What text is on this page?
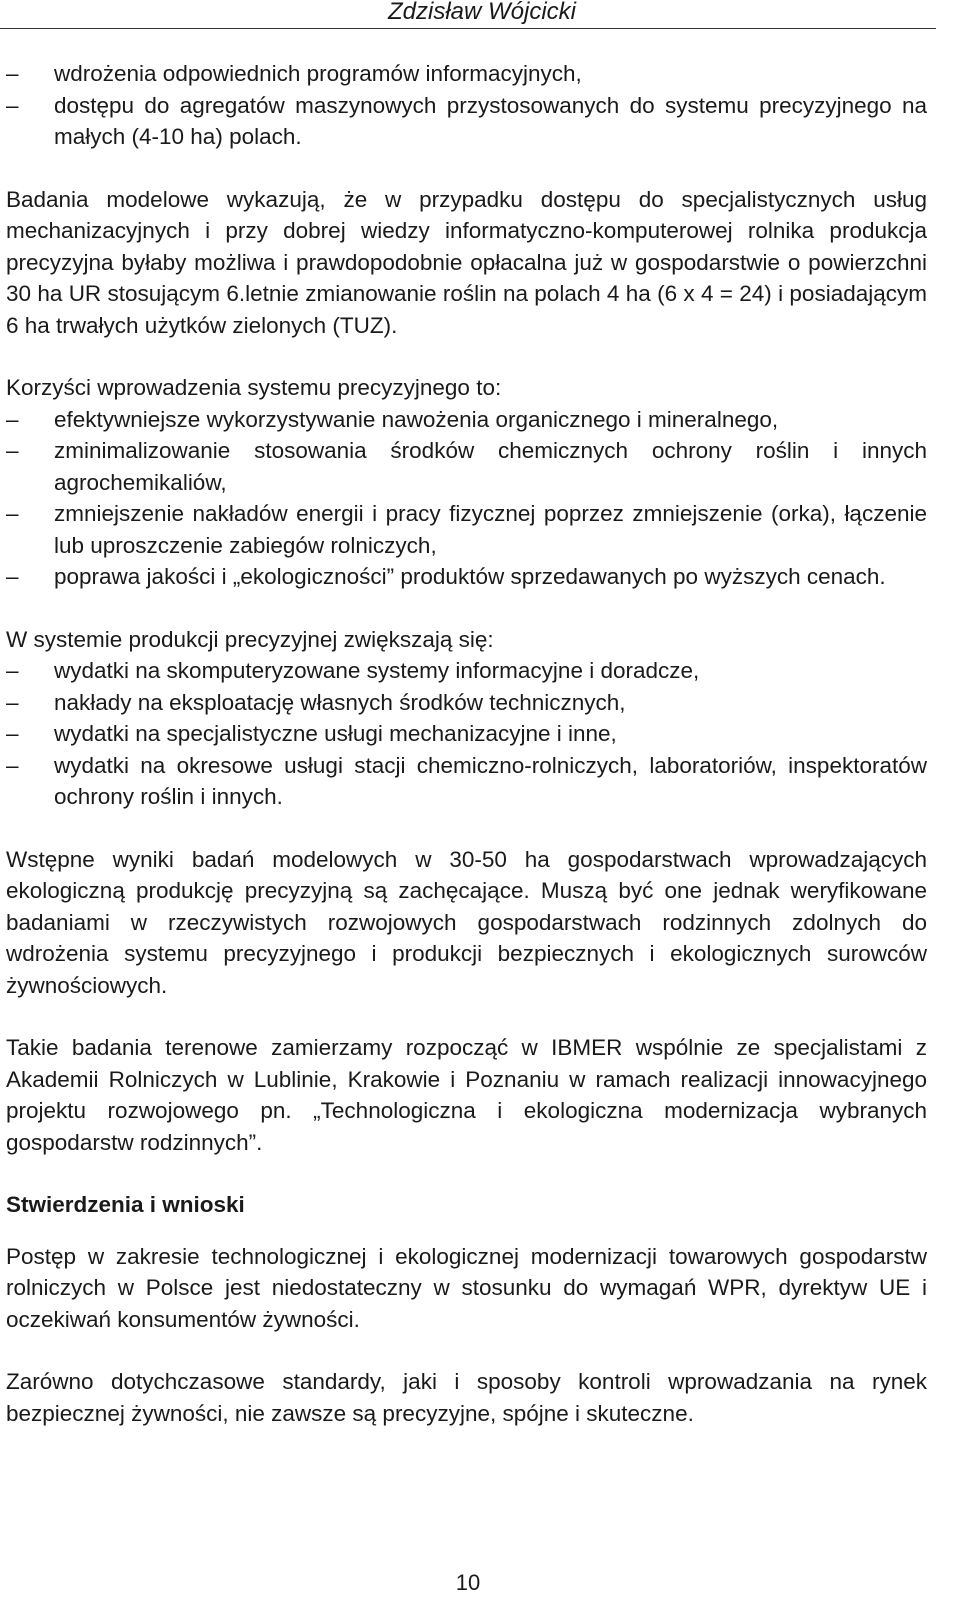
Zdzisław Wójcicki
–	wdrożenia odpowiednich programów informacyjnych,
–	dostępu do agregatów maszynowych przystosowanych do systemu precyzyjnego na małych (4-10 ha) polach.

Badania modelowe wykazują, że w przypadku dostępu do specjalistycznych usług mechanizacyjnych i przy dobrej wiedzy informatyczno-komputerowej rolnika produkcja precyzyjna byłaby możliwa i prawdopodobnie opłacalna już w gospodarstwie o powierzchni 30 ha UR stosującym 6.letnie zmianowanie roślin na polach 4 ha (6 x 4 = 24) i posiadającym 6 ha trwałych użytków zielonych (TUZ).

Korzyści wprowadzenia systemu precyzyjnego to:

–	efektywniejsze wykorzystywanie nawożenia organicznego i mineralnego,
–	zminimalizowanie stosowania środków chemicznych ochrony roślin i innych agrochemikaliów,
–	zmniejszenie nakładów energii i pracy fizycznej poprzez zmniejszenie (orka), łączenie lub uproszczenie zabiegów rolniczych,
–	poprawa jakości i „ekologiczności” produktów sprzedawanych po wyższych cenach.

W systemie produkcji precyzyjnej zwiększają się:

–	wydatki na skomputeryzowane systemy informacyjne i doradcze,
–	nakłady na eksploatację własnych środków technicznych,
–	wydatki na specjalistyczne usługi mechanizacyjne i inne,
–	wydatki na okresowe usługi stacji chemiczno-rolniczych, laboratoriów, inspektoratów ochrony roślin i innych.

Wstępne wyniki badań modelowych w 30-50 ha gospodarstwach wprowadzających ekologiczną produkcję precyzyjną są zachęcające. Muszą być one jednak weryfikowane badaniami w rzeczywistych rozwojowych gospodarstwach rodzinnych zdolnych do wdrożenia systemu precyzyjnego i produkcji bezpiecznych i ekologicznych surowców żywnościowych.

Takie badania terenowe zamierzamy rozpocząć w IBMER wspólnie ze specjalistami z Akademii Rolniczych w Lublinie, Krakowie i Poznaniu w ramach realizacji innowacyjnego projektu rozwojowego pn. „Technologiczna i ekologiczna modernizacja wybranych gospodarstw rodzinnych”.

Stwierdzenia i wnioski

Postęp w zakresie technologicznej i ekologicznej modernizacji towarowych gospodarstw rolniczych w Polsce jest niedostateczny w stosunku do wymagań WPR, dyrektyw UE i oczekiwań konsumentów żywności.

Zarówno dotychczasowe standardy, jaki i sposoby kontroli wprowadzania na rynek bezpiecznej żywności, nie zawsze są precyzyjne, spójne i skuteczne.

10
